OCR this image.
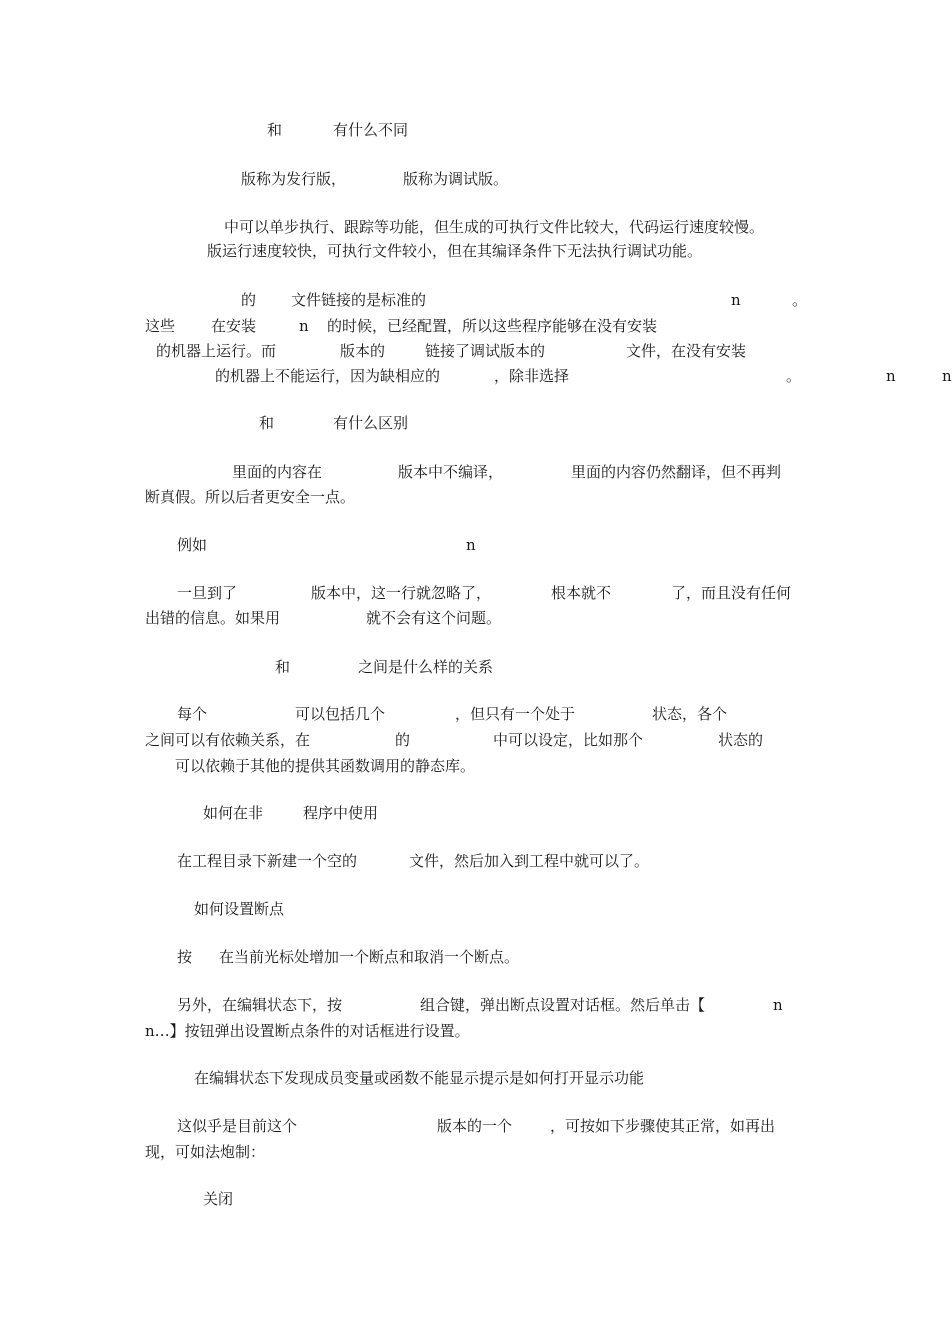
和	有什么不同
版称为发行版，	版称为调试版。
中可以单步执行、跟踪等功能，但生成的可执行文件比较大，代码运行速度较慢。
版运行速度较快，可执行文件较小，但在其编译条件下无法执行调试功能。
的 文件链接的是标准的	n	。
这些 在安装	n 的时候，已经配置，所以这些程序能够在没有安装
的机器上运行。而	版本的	链接了调试版本的	文件，在没有安装
的机器上不能运行，因为缺相应的	，除非选择	。	n	n
和	有什么区别
里面的内容在	版本中不编译，	里面的内容仍然翻译，但不再判
断真假。所以后者更安全一点。
例如	n
一旦到了	版本中，这一行就忽略了，	根本就不	了，而且没有任何
出错的信息。如果用	就不会有这个问题。
和	之间是什么样的关系
每个	可以包括几个	，但只有一个处于	状态，各个
之间可以有依赖关系，在	的	中可以设定，比如那个	状态的
可以依赖于其他的提供其函数调用的静态库。
如何在非	程序中使用
在工程目录下新建一个空的	文件，然后加入到工程中就可以了。
如何设置断点
按 在当前光标处增加一个断点和取消一个断点。
另外，在编辑状态下，按	组合键，弹出断点设置对话框。然后单击【	n
n…】按钮弹出设置断点条件的对话框进行设置。
在编辑状态下发现成员变量或函数不能显示提示是如何打开显示功能
这似乎是目前这个	版本的一个	，可按如下步骤使其正常，如再出
现，可如法炮制：
关闭
